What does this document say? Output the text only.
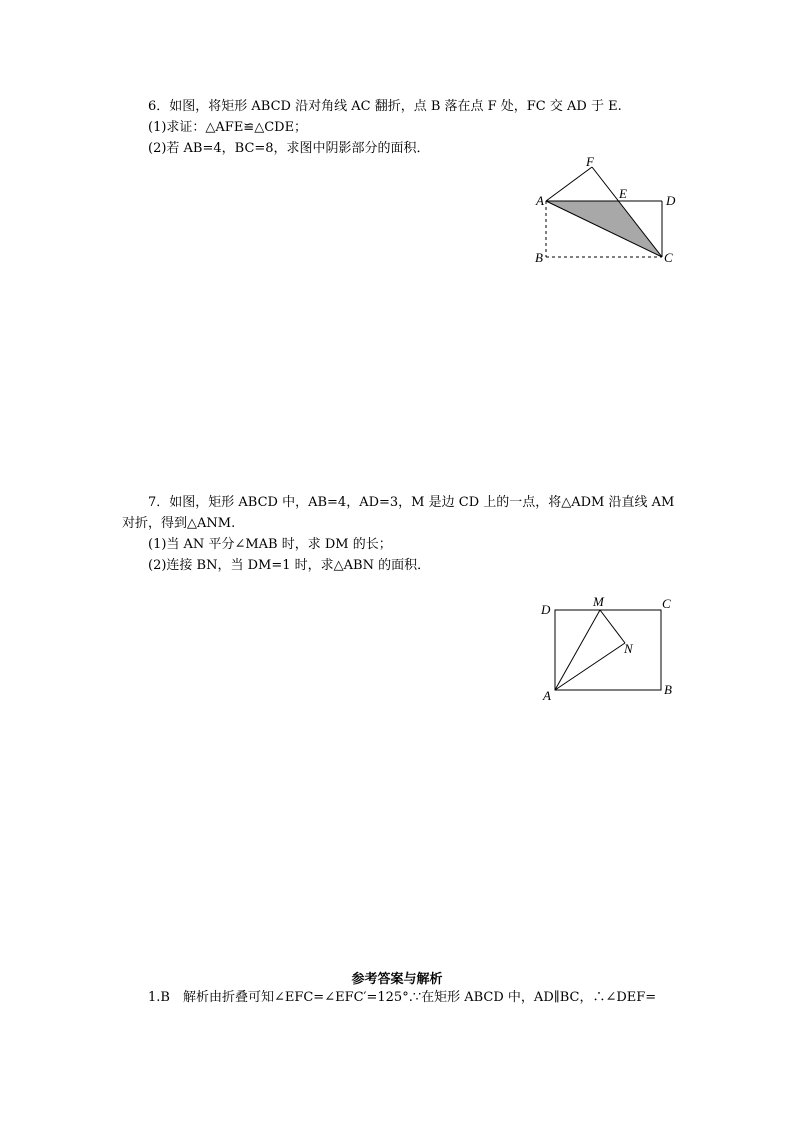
6．如图，将矩形 ABCD 沿对角线 AC 翻折，点 B 落在点 F 处，FC 交 AD 于 E.
(1)求证：△AFE≌△CDE；
(2)若 AB=4，BC=8，求图中阴影部分的面积．
F
E
A	D
B	C
7．如图，矩形 ABCD 中，AB=4，AD=3，M 是边 CD 上的一点，将△ADM 沿直线 AM
对折，得到△ANM.
(1)当 AN 平分∠MAB 时，求 DM 的长；
(2)连接 BN，当 DM=1 时，求△ABN 的面积．
D
M	C
N
A	B
参考答案与解析
1.B　解析由折叠可知∠EFC=∠EFC′=125°.∵在矩形 ABCD 中，AD∥BC，∴∠DEF=
